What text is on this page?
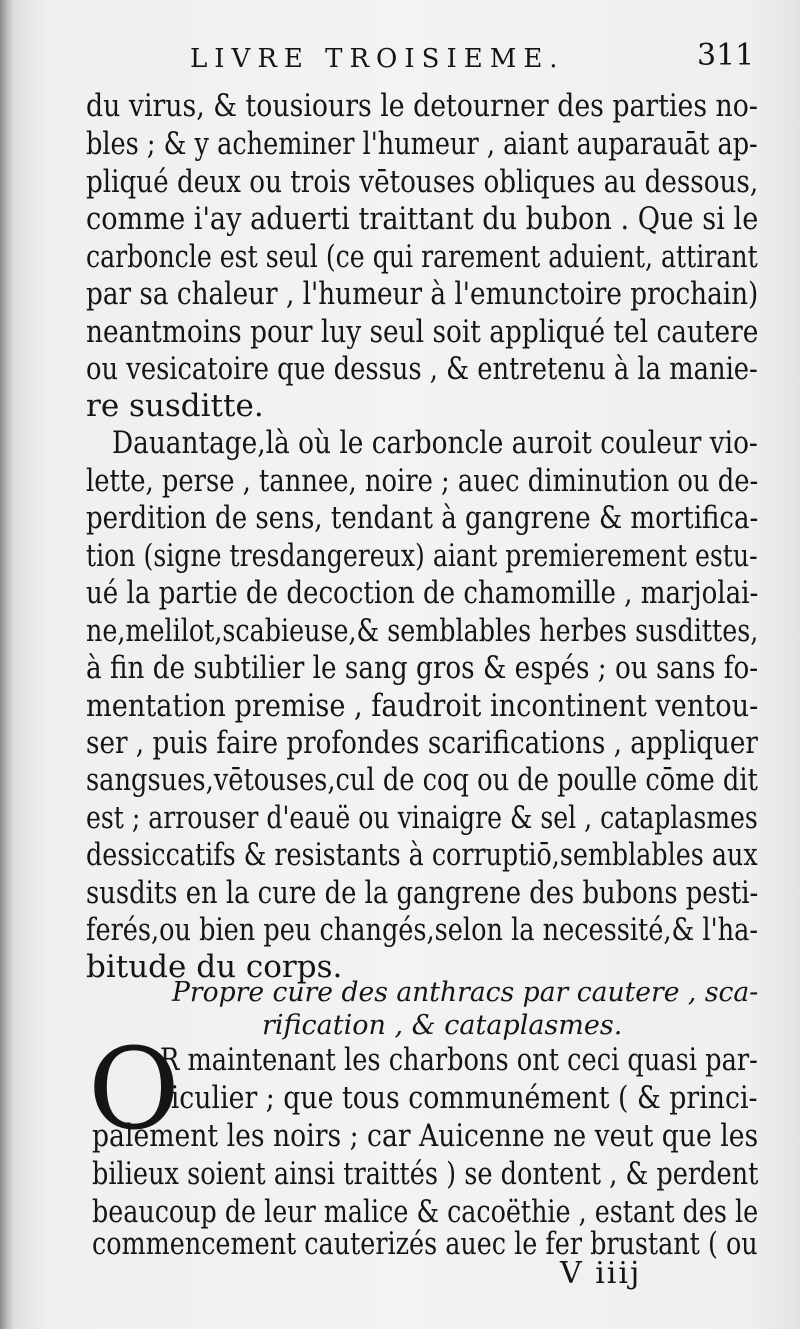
LIVRE TROISIEME.	311
du virus, & tousiours le detourner des parties no-
bles ; & y acheminer l'humeur , aiant auparauāt ap-
pliqué deux ou trois vētouses obliques au dessous,
comme i'ay aduerti traittant du bubon . Que si le
carboncle est seul (ce qui rarement aduient, attirant
par sa chaleur , l'humeur à l'emunctoire prochain)
neantmoins pour luy seul soit appliqué tel cautere
ou vesicatoire que dessus , & entretenu à la manie-
re susditte.
Dauantage,là où le carboncle auroit couleur vio-
lette, perse , tannee, noire ; auec diminution ou de-
perdition de sens, tendant à gangrene & mortifica-
tion (signe tresdangereux) aiant premierement estu-
ué la partie de decoction de chamomille , marjolai-
ne,melilot,scabieuse,& semblables herbes susdittes,
à fin de subtilier le sang gros & espés ; ou sans fo-
mentation premise , faudroit incontinent ventou-
ser , puis faire profondes scarifications , appliquer
sangsues,vētouses,cul de coq ou de poulle cōme dit
est ; arrouser d'eauë ou vinaigre & sel , cataplasmes
dessiccatifs & resistants à corruptiō,semblables aux
susdits en la cure de la gangrene des bubons pesti-
ferés,ou bien peu changés,selon la necessité,& l'ha-
bitude du corps.
Propre cure des anthracs par cautere , sca-
rification , & cataplasmes.
O
R maintenant les charbons ont ceci quasi par-
ticulier ; que tous communément ( & princi-
palement les noirs ; car Auicenne ne veut que les
bilieux soient ainsi traittés ) se dontent , & perdent
beaucoup de leur malice & cacoëthie , estant des le
commencement cauterizés auec le fer brustant ( ou
V iiij
